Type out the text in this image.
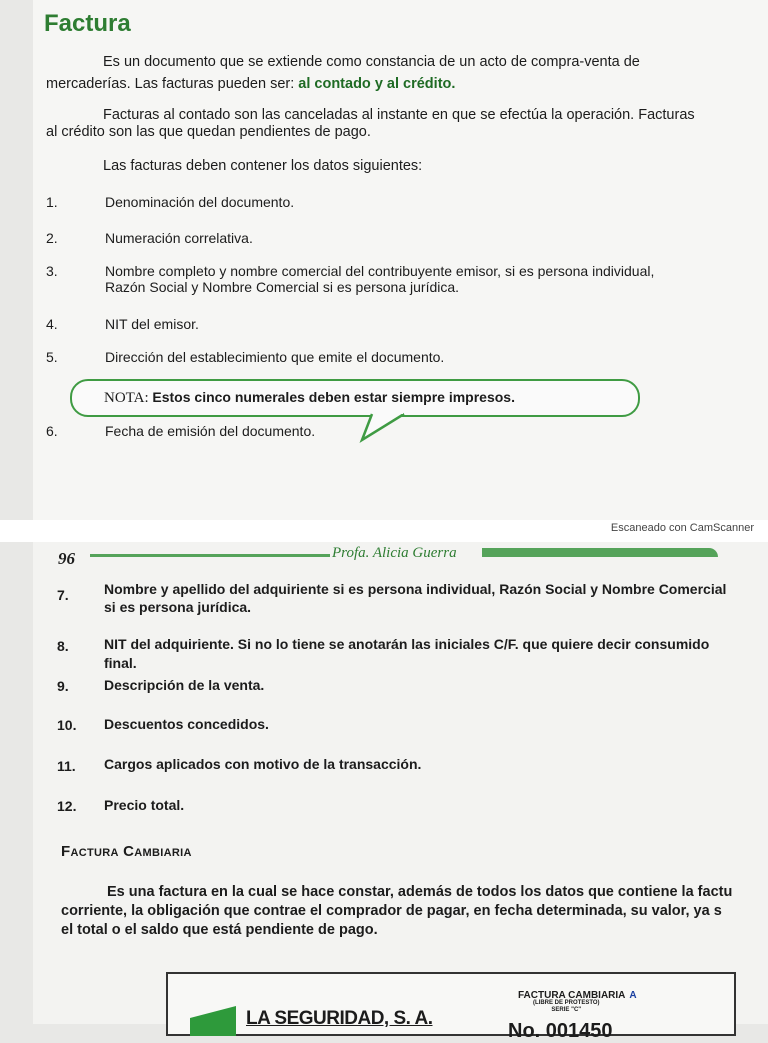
Factura
Es un documento que se extiende como constancia de un acto de compra-venta de
mercaderías. Las facturas pueden ser: al contado y al crédito.
Facturas al contado son las canceladas al instante en que se efectúa la operación. Facturas
al crédito son las que quedan pendientes de pago.
Las facturas deben contener los datos siguientes:
1.	Denominación del documento.
2.	Numeración correlativa.
3.	Nombre completo y nombre comercial del contribuyente emisor, si es persona individual,
Razón Social y Nombre Comercial si es persona jurídica.
4.	NIT del emisor.
5.	Dirección del establecimiento que emite el documento.
NOTA: Estos cinco numerales deben estar siempre impresos.
6.	Fecha de emisión del documento.
Escaneado con CamScanner
96	Profa. Alicia Guerra
7.	Nombre y apellido del adquiriente si es persona individual, Razón Social y Nombre Comercial
si es persona jurídica.
8.	NIT del adquiriente. Si no lo tiene se anotarán las iniciales C/F. que quiere decir consumido
final.
9.	Descripción de la venta.
10. Descuentos concedidos.
11. Cargos aplicados con motivo de la transacción.
12. Precio total.
Factura Cambiaria
Es una factura en la cual se hace constar, además de todos los datos que contiene la factu
corriente, la obligación que contrae el comprador de pagar, en fecha determinada, su valor, ya s
el total o el saldo que está pendiente de pago.
LA SEGURIDAD, S. A.
FACTURA CAMBIARIA A
(LIBRE DE PROTESTO)
SERIE "C"
No. 001450
